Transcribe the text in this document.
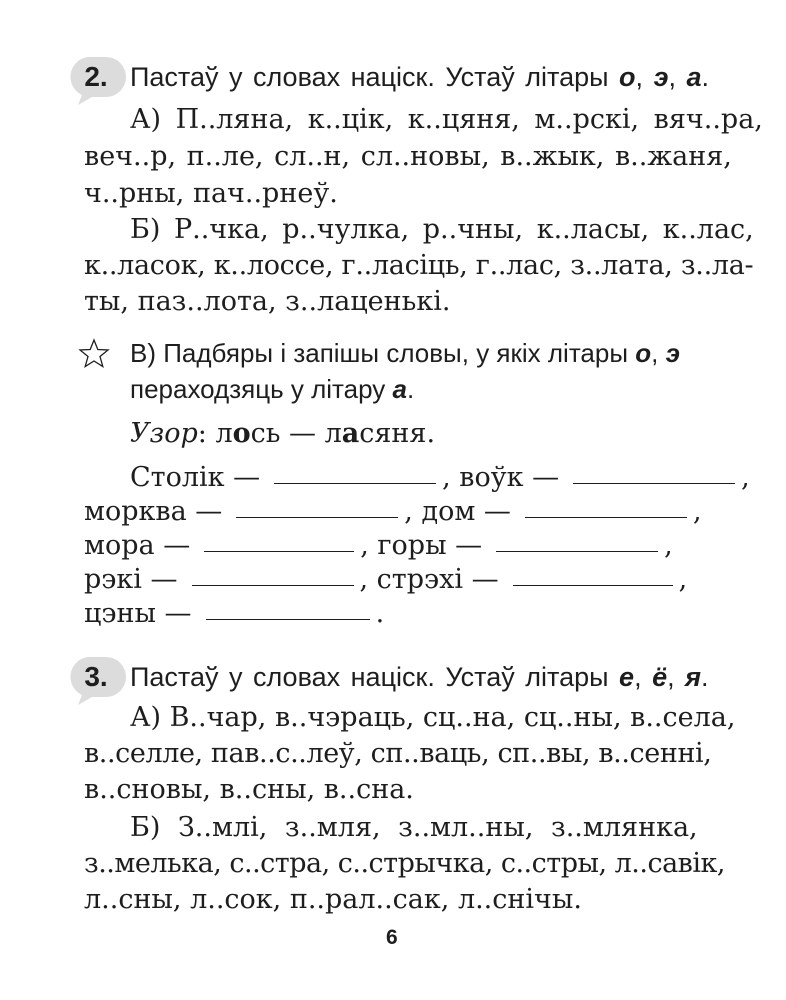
2. Пастаў у словах націск. Устаў літары о, э, а.
А) П..ляна, к..цік, к..цяня, м..рскі, вяч..ра,
веч..р, п..ле, сл..н, сл..новы, в..жык, в..жаня,
ч..рны, пач..рнеў.
Б) Р..чка, р..чулка, р..чны, к..ласы, к..лас,
к..ласок, к..лоссе, г..ласіць, г..лас, з..лата, з..ла-
ты, паз..лота, з..лаценькі.
В) Падбяры і запішы словы, у якіх літары о, э
пераходзяць у літару а.
Узор: лось — ласяня.
Столік —	, воўк —	,
морква —	, дом —	,
мора —	, горы —	,
рэкі —	, стрэхі —	,
цэны —	.
3. Пастаў у словах націск. Устаў літары е, ё, я.
А) В..чар, в..чэраць, сц..на, сц..ны, в..села,
в..селле, пав..с..леў, сп..ваць, сп..вы, в..сенні,
в..сновы, в..сны, в..сна.
Б) З..млі, з..мля, з..мл..ны, з..млянка,
з..мелька, с..стра, с..стрычка, с..стры, л..савік,
л..сны, л..сок, п..рал..сак, л..снічы.
6
